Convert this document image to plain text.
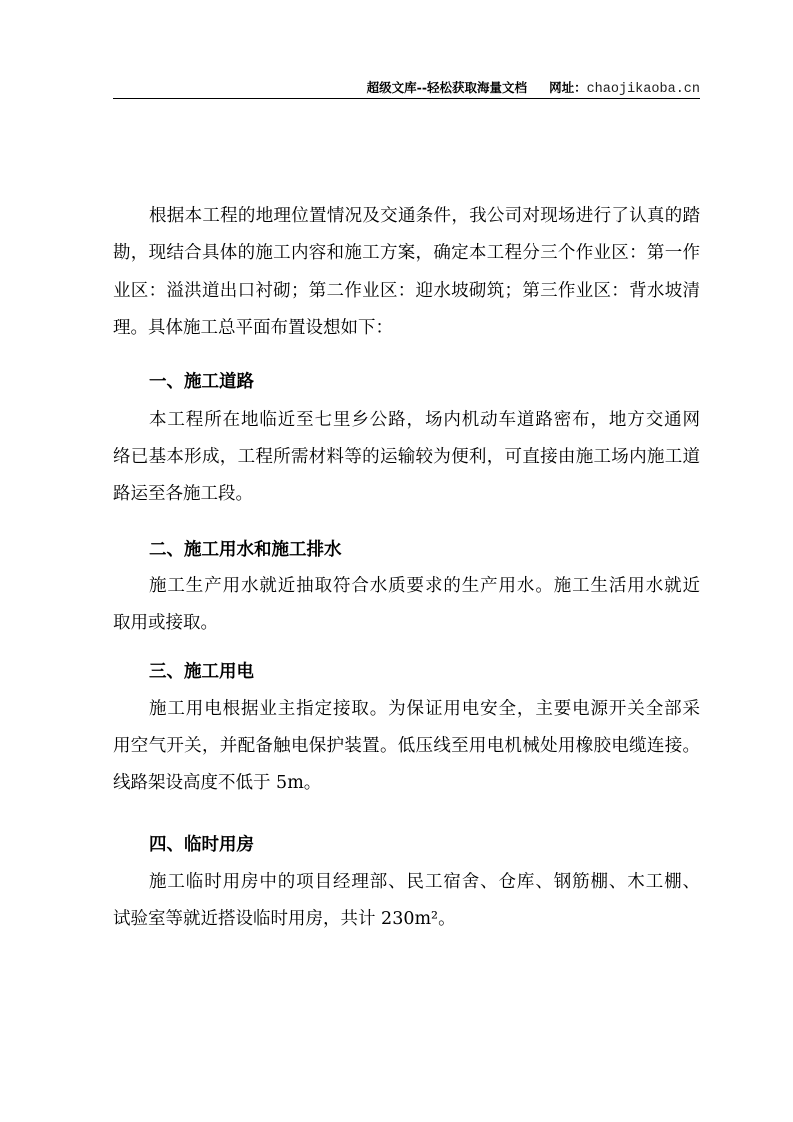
超级文库--轻松获取海量文档 网址：chaojikaoba.cn
根据本工程的地理位置情况及交通条件，我公司对现场进行了认真的踏
勘，现结合具体的施工内容和施工方案，确定本工程分三个作业区：第一作
业区：溢洪道出口衬砌；第二作业区：迎水坡砌筑；第三作业区：背水坡清
理。具体施工总平面布置设想如下：
一、施工道路
本工程所在地临近至七里乡公路，场内机动车道路密布，地方交通网
络已基本形成，工程所需材料等的运输较为便利，可直接由施工场内施工道
路运至各施工段。
二、施工用水和施工排水
施工生产用水就近抽取符合水质要求的生产用水。施工生活用水就近
取用或接取。
三、施工用电
施工用电根据业主指定接取。为保证用电安全，主要电源开关全部采
用空气开关，并配备触电保护装置。低压线至用电机械处用橡胶电缆连接。
线路架设高度不低于 5m。
四、临时用房
施工临时用房中的项目经理部、民工宿舍、仓库、钢筋棚、木工棚、
试验室等就近搭设临时用房，共计 230m²。
